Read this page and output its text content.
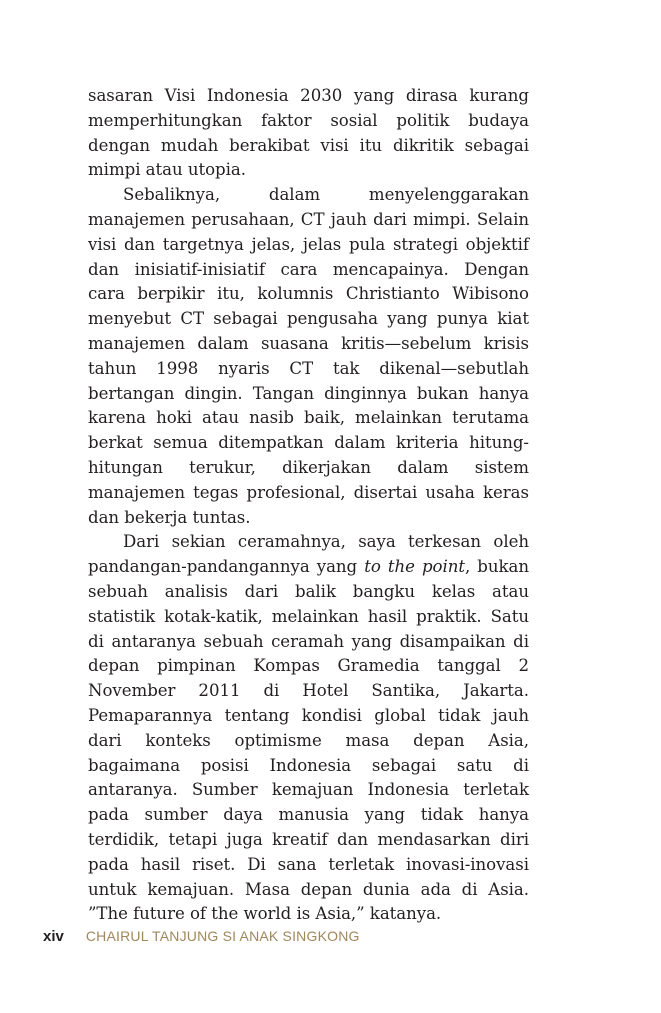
sasaran Visi Indonesia 2030 yang dirasa kurang memperhitungkan faktor sosial politik budaya dengan mudah berakibat visi itu dikritik sebagai mimpi atau utopia.

Sebaliknya, dalam menyelenggarakan manajemen perusahaan, CT jauh dari mimpi. Selain visi dan targetnya jelas, jelas pula strategi objektif dan inisiatif-inisiatif cara mencapainya. Dengan cara berpikir itu, kolumnis Christianto Wibisono menyebut CT sebagai pengusaha yang punya kiat manajemen dalam suasana kritis—sebelum krisis tahun 1998 nyaris CT tak dikenal—sebutlah bertangan dingin. Tangan dinginnya bukan hanya karena hoki atau nasib baik, melainkan terutama berkat semua ditempatkan dalam kriteria hitung-hitungan terukur, dikerjakan dalam sistem manajemen tegas profesional, disertai usaha keras dan bekerja tuntas.

Dari sekian ceramahnya, saya terkesan oleh pandangan-pandangannya yang to the point, bukan sebuah analisis dari balik bangku kelas atau statistik kotak-katik, melainkan hasil praktik. Satu di antaranya sebuah ceramah yang disampaikan di depan pimpinan Kompas Gramedia tanggal 2 November 2011 di Hotel Santika, Jakarta. Pemaparannya tentang kondisi global tidak jauh dari konteks optimisme masa depan Asia, bagaimana posisi Indonesia sebagai satu di antaranya. Sumber kemajuan Indonesia terletak pada sumber daya manusia yang tidak hanya terdidik, tetapi juga kreatif dan mendasarkan diri pada hasil riset. Di sana terletak inovasi-inovasi untuk kemajuan. Masa depan dunia ada di Asia. ”The future of the world is Asia,” katanya.

xiv CHAIRUL TANJUNG SI ANAK SINGKONG
